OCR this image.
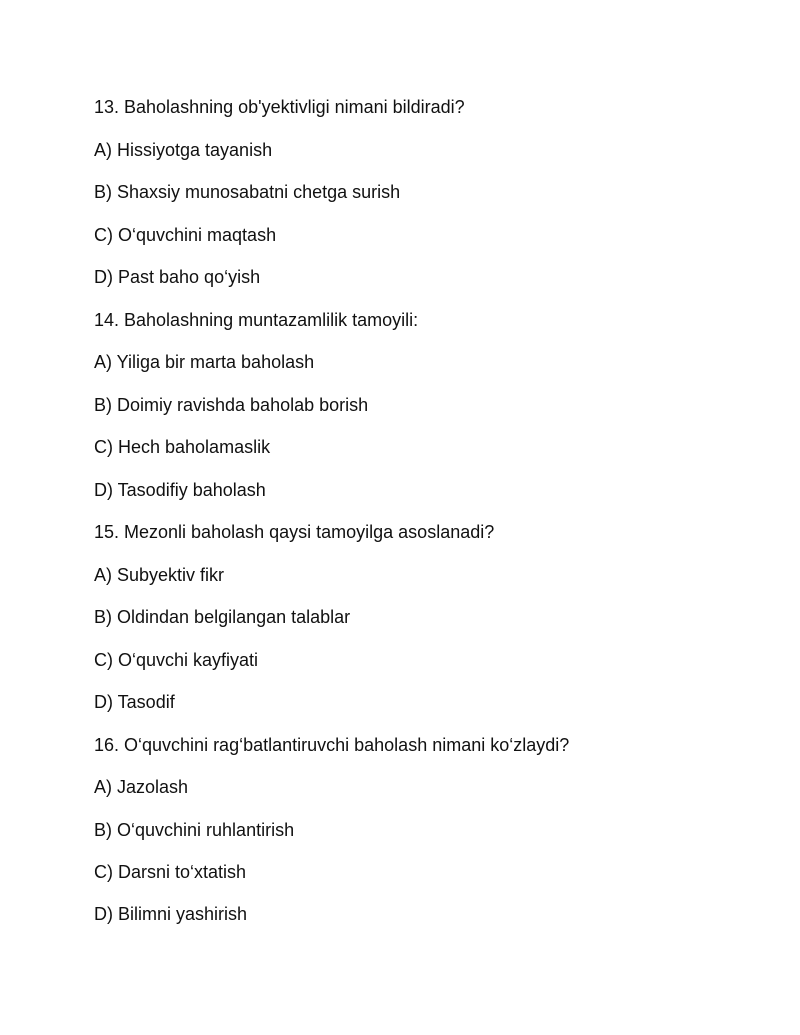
13. Baholashning ob'yektivligi nimani bildiradi?
A) Hissiyotga tayanish
B) Shaxsiy munosabatni chetga surish
C) O‘quvchini maqtash
D) Past baho qo‘yish
14. Baholashning muntazamlilik tamoyili:
A) Yiliga bir marta baholash
B) Doimiy ravishda baholab borish
C) Hech baholamaslik
D) Tasodifiy baholash
15. Mezonli baholash qaysi tamoyilga asoslanadi?
A) Subyektiv fikr
B) Oldindan belgilangan talablar
C) O‘quvchi kayfiyati
D) Tasodif
16. O‘quvchini rag‘batlantiruvchi baholash nimani ko‘zlaydi?
A) Jazolash
B) O‘quvchini ruhlantirish
C) Darsni to‘xtatish
D) Bilimni yashirish
